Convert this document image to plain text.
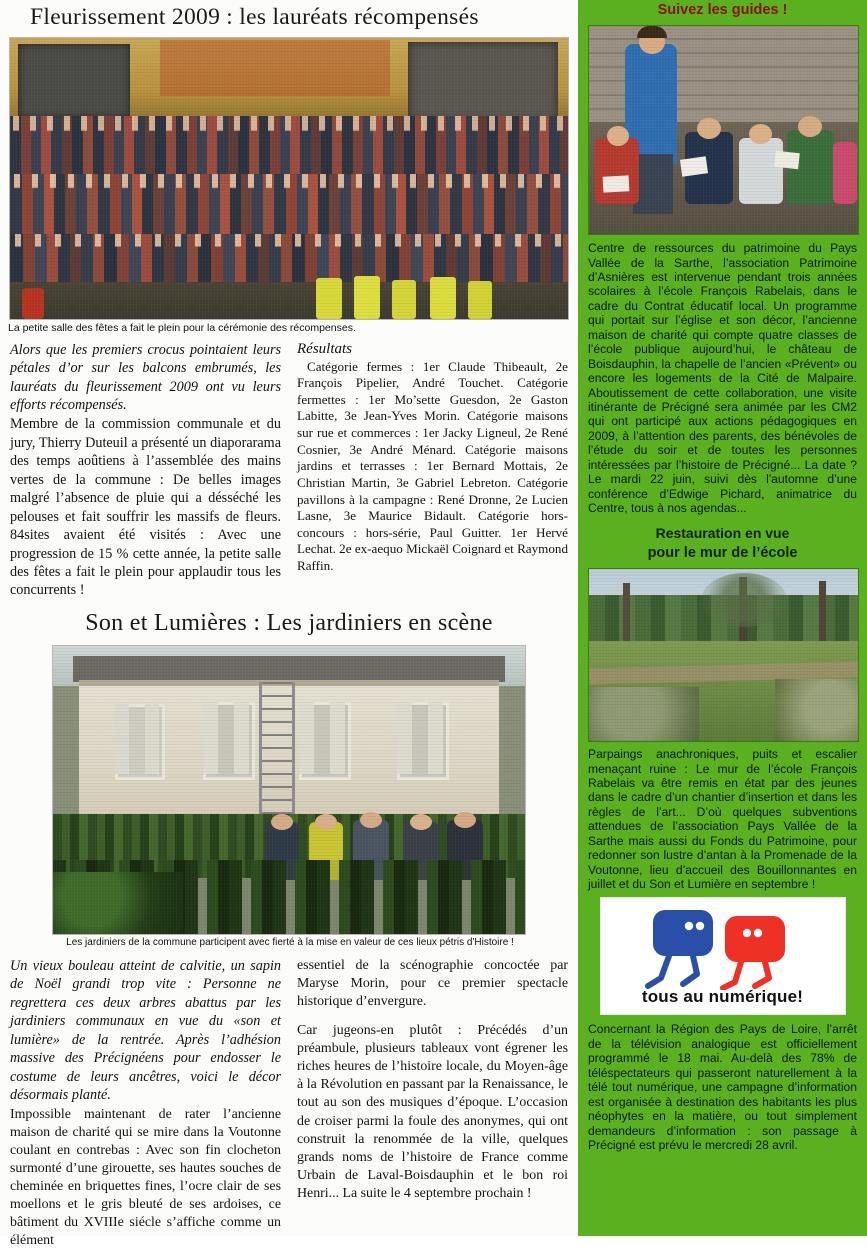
Fleurissement 2009 : les lauréats récompensés
La petite salle des fêtes a fait le plein pour la cérémonie des récompenses.

Alors que les premiers crocus pointaient leurs pétales d’or sur les balcons embrumés, les lauréats du fleurissement 2009 ont vu leurs efforts récompensés.

Membre de la commission communale et du jury, Thierry Duteuil a présenté un diaporarama des temps aoûtiens à l’assemblée des mains vertes de la commune : De belles images malgré l’absence de pluie qui a désséché les pelouses et fait souffrir les massifs de fleurs. 84sites avaient été visités : Avec une progression de 15 % cette année, la petite salle des fêtes a fait le plein pour applaudir tous les concurrents !

Résultats

Catégorie fermes : 1er Claude Thibeault, 2e François Pipelier, André Touchet. Catégorie fermettes : 1er Mo’sette Guesdon, 2e Gaston Labitte, 3e Jean-Yves Morin. Catégorie maisons sur rue et commerces : 1er Jacky Ligneul, 2e René Cosnier, 3e André Ménard. Catégorie maisons jardins et terrasses : 1er Bernard Mottais, 2e Christian Martin, 3e Gabriel Lebreton. Catégorie pavillons à la campagne : René Dronne, 2e Lucien Lasne, 3e Maurice Bidault. Catégorie hors-concours : hors-série, Paul Guitter. 1er Hervé Lechat. 2e ex-aequo Mickaël Coignard et Raymond Raffin.

Son et Lumières : Les jardiniers en scène
Les jardiniers de la commune participent avec fierté à la mise en valeur de ces lieux pétris d'Histoire !

Un vieux bouleau atteint de calvitie, un sapin de Noël grandi trop vite : Personne ne regrettera ces deux arbres abattus par les jardiniers communaux en vue du «son et lumière» de la rentrée. Après l’adhésion massive des Précignéens pour endosser le costume de leurs ancêtres, voici le décor désormais planté.

Impossible maintenant de rater l’ancienne maison de charité qui se mire dans la Voutonne coulant en contrebas : Avec son fin clocheton surmonté d’une girouette, ses hautes souches de cheminée en briquettes fines, l’ocre clair de ses moellons et le gris bleuté de ses ardoises, ce bâtiment du XVIIIe siécle s’affiche comme un élément

essentiel de la scénographie concoctée par Maryse Morin, pour ce premier spectacle historique d’envergure.

Car jugeons-en plutôt : Précédés d’un préambule, plusieurs tableaux vont égrener les riches heures de l’histoire locale, du Moyen-âge à la Révolution en passant par la Renaissance, le tout au son des musiques d’époque. L’occasion de croiser parmi la foule des anonymes, qui ont construit la renommée de la ville, quelques grands noms de l’histoire de France comme Urbain de Laval-Boisdauphin et le bon roi Henri... La suite le 4 septembre prochain !

Suivez les guides !

Centre de ressources du patrimoine du Pays Vallée de la Sarthe, l’association Patrimoine d’Asnières est intervenue pendant trois années scolaires à l’école François Rabelais, dans le cadre du Contrat éducatif local. Un programme qui portait sur l’église et son décor, l’ancienne maison de charité qui compte quatre classes de l’école publique aujourd’hui, le château de Boisdauphin, la chapelle de l’ancien «Prévent» ou encore les logements de la Cité de Malpaire. Aboutissement de cette collaboration, une visite itinérante de Précigné sera animée par les CM2 qui ont participé aux actions pédagogiques en 2009, à l’attention des parents, des bénévoles de l’étude du soir et de toutes les personnes intéressées par l’histoire de Précigné... La date ? Le mardi 22 juin, suivi dès l'automne d’une conférence d’Edwige Pichard, animatrice du Centre, tous à nos agendas...

Restauration en vue
pour le mur de l’école

Parpaings anachroniques, puits et escalier menaçant ruine : Le mur de l’école François Rabelais va être remis en état par des jeunes dans le cadre d’un chantier d’insertion et dans les règles de l’art... D’où quelques subventions attendues de l’association Pays Vallée de la Sarthe mais aussi du Fonds du Patrimoine, pour redonner son lustre d’antan à la Promenade de la Voutonne, lieu d’accueil des Bouillonnantes en juillet et du Son et Lumière en septembre !

tous au numérique!

Concernant la Région des Pays de Loire, l’arrêt de la télévision analogique est officiellement programmé le 18 mai. Au-delà des 78% de téléspectateurs qui passeront naturellement à la télé tout numérique, une campagne d’information est organisée à destination des habitants les plus néophytes en la matière, ou tout simplement demandeurs d’information : son passage à Précigné est prévu le mercredi 28 avril.
